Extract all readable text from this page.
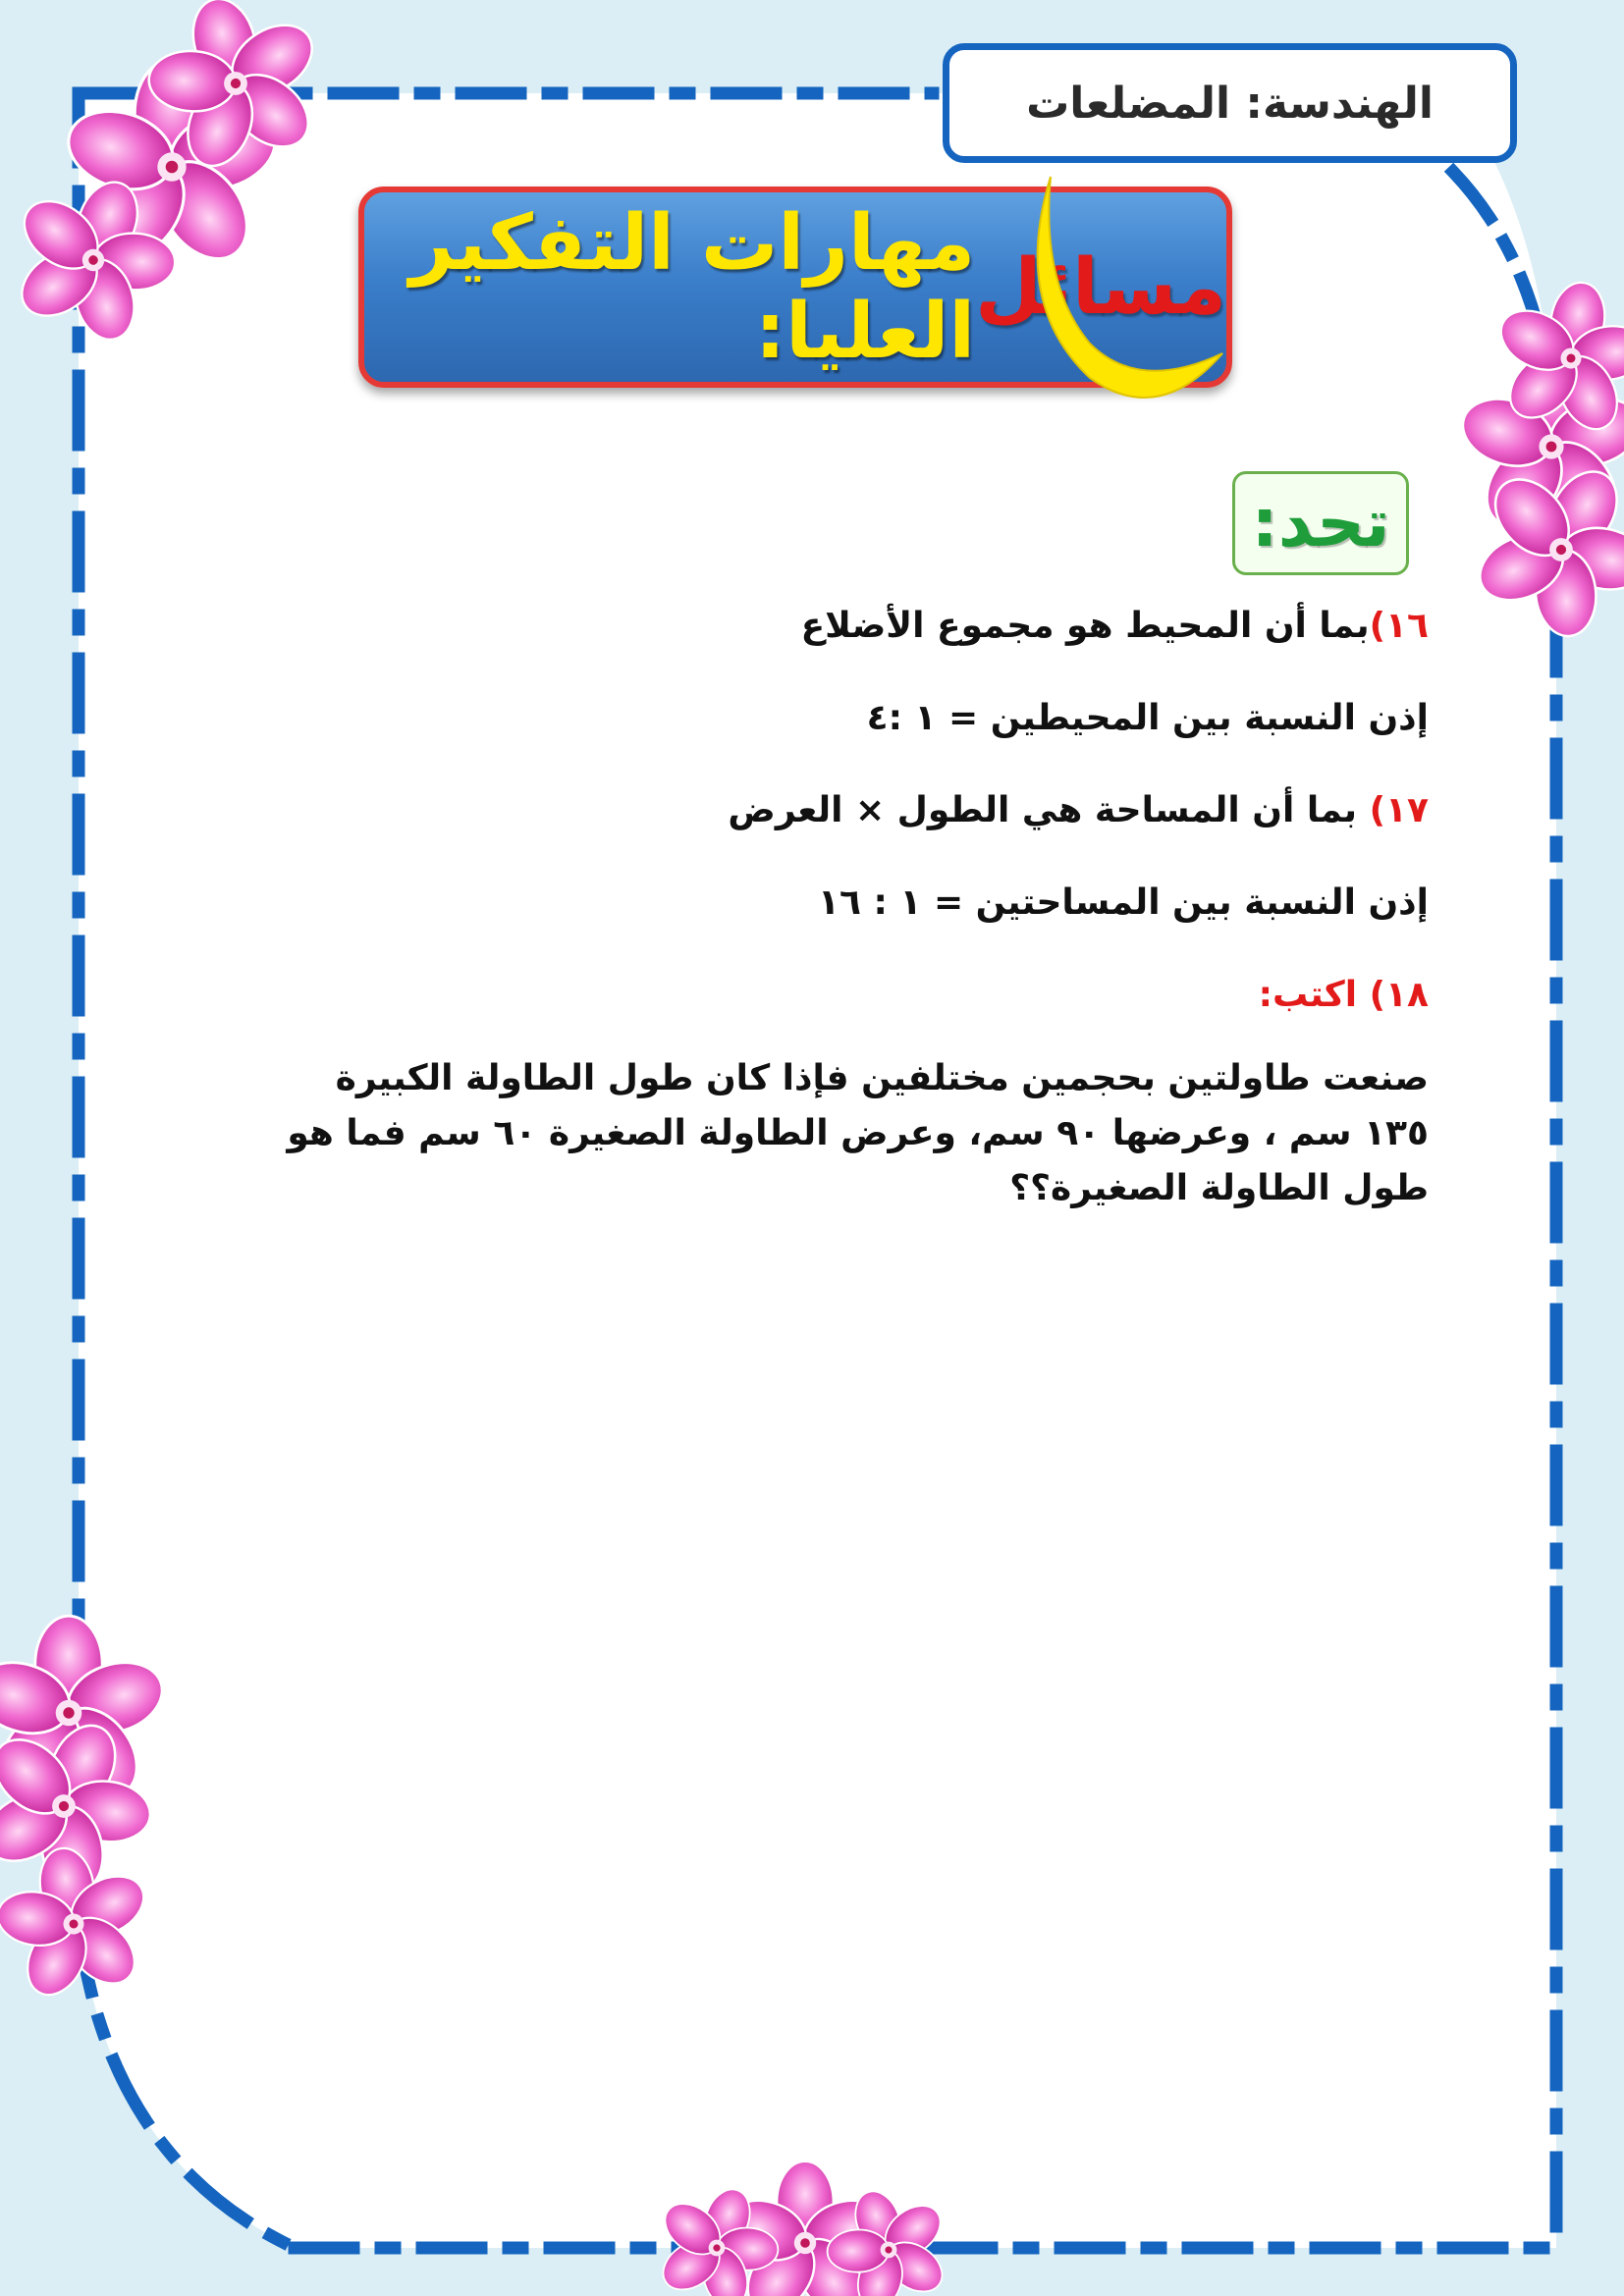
الهندسة: المضلعات
مسائل
مهارات التفكير العليا:
تحد:
١٦)بما أن المحيط هو مجموع الأضلاع
إذن النسبة بين المحيطين = ١ :٤
١٧) بما أن المساحة هي الطول × العرض
إذن النسبة بين المساحتين = ١ : ١٦
١٨) اكتب:
صنعت طاولتين بحجمين مختلفين فإذا كان طول الطاولة الكبيرة ١٣٥ سم ، وعرضها ٩٠ سم، وعرض الطاولة الصغيرة ٦٠ سم فما هو طول الطاولة الصغيرة؟؟
